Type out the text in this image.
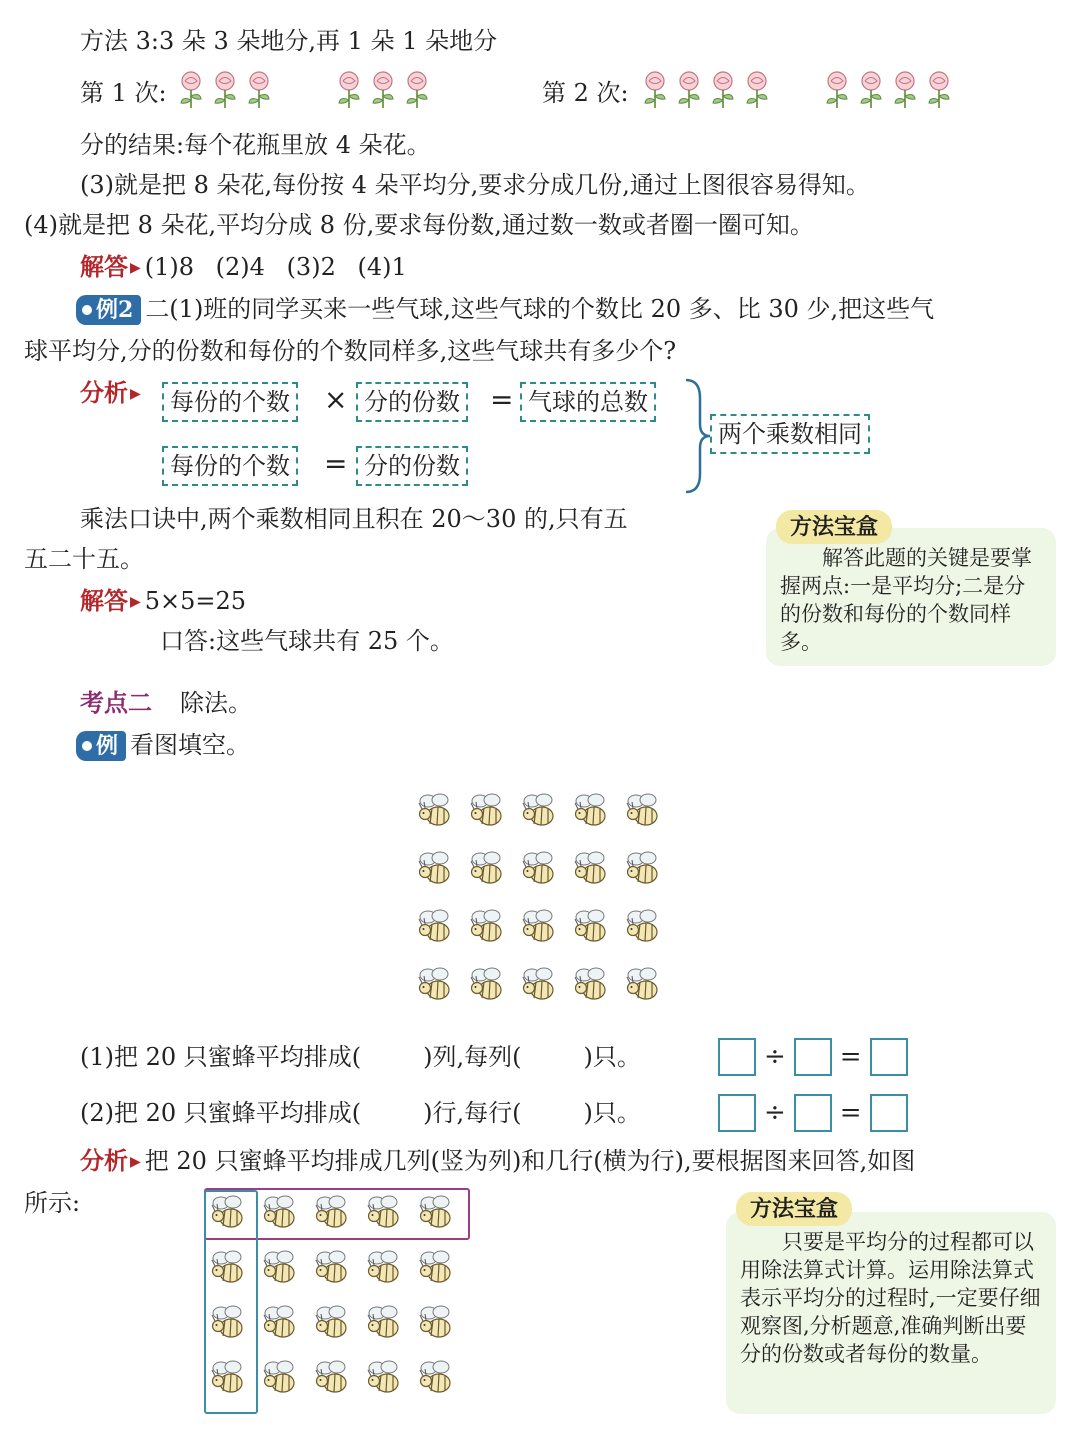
方法 3:3 朵 3 朵地分,再 1 朵 1 朵地分
第 1 次:	第 2 次:
分的结果:每个花瓶里放 4 朵花。
(3)就是把 8 朵花,每份按 4 朵平均分,要求分成几份,通过上图很容易得知。
(4)就是把 8 朵花,平均分成 8 份,要求每份数,通过数一数或者圈一圈可知。
解答 ▶ (1)8 (2)4 (3)2 (4)1
例2 二(1)班的同学买来一些气球,这些气球的个数比 20 多、比 30 少,把这些气
球平均分,分的份数和每份的个数同样多,这些气球共有多少个?
分析 ▶	每份的个数 × 分的份数 = 气球的总数
每份的个数 = 分的份数
两个乘数相同
乘法口诀中,两个乘数相同且积在 20～30 的,只有五
五二十五。
解答 ▶ 5×5=25
口答:这些气球共有 25 个。
解答此题的关键是要掌握两点:一是平均分;二是分的份数和每份的个数同样多。
方法宝盒
考点二 除法。
例 看图填空。
(1)把 20 只蜜蜂平均排成(	)列,每列(	)只。	÷ =
(2)把 20 只蜜蜂平均排成(	)行,每行(	)只。	÷ =
分析 ▶ 把 20 只蜜蜂平均排成几列(竖为列)和几行(横为行),要根据图来回答,如图
所示:
只要是平均分的过程都可以用除法算式计算。运用除法算式表示平均分的过程时,一定要仔细观察图,分析题意,准确判断出要分的份数或者每份的数量。
方法宝盒
